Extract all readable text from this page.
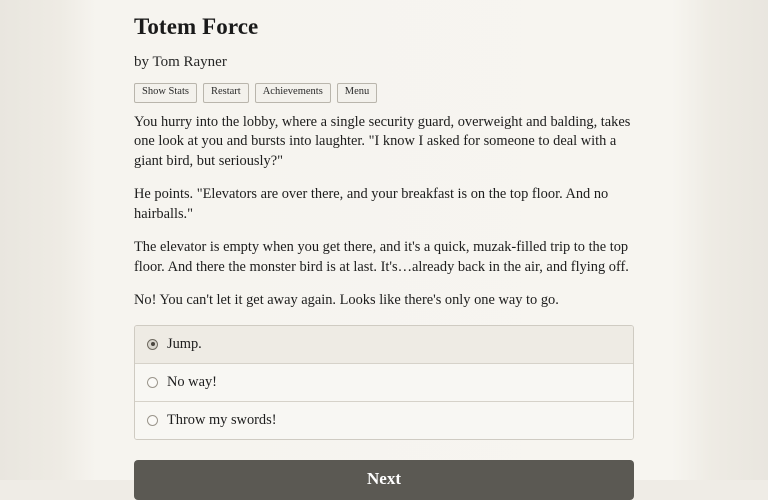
Totem Force
by Tom Rayner
Show Stats	Restart	Achievements	Menu

You hurry into the lobby, where a single security guard, overweight and balding, takes one look at you and bursts into laughter. "I know I asked for someone to deal with a giant bird, but seriously?"

He points. "Elevators are over there, and your breakfast is on the top floor. And no hairballs."

The elevator is empty when you get there, and it's a quick, muzak-filled trip to the top floor. And there the monster bird is at last. It's…already back in the air, and flying off.

No! You can't let it get away again. Looks like there's only one way to go.

Jump.
No way!
Throw my swords!
Next
